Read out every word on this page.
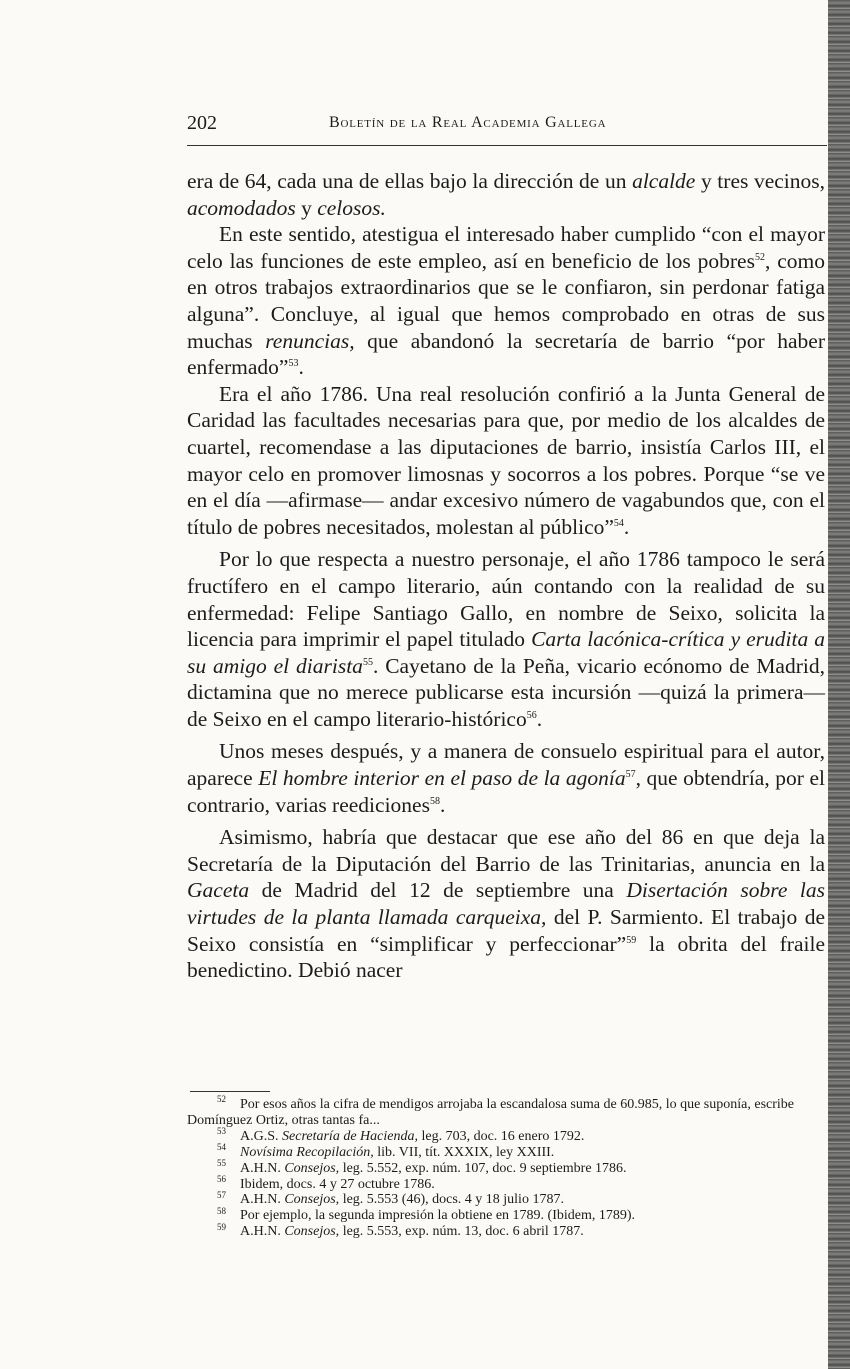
202	Boletín de la Real Academia Gallega

era de 64, cada una de ellas bajo la dirección de un alcalde y tres vecinos, acomodados y celosos.

En este sentido, atestigua el interesado haber cumplido “con el mayor celo las funciones de este empleo, así en beneficio de los pobres$^{52}$, como en otros trabajos extraordinarios que se le confiaron, sin perdonar fatiga alguna”. Concluye, al igual que hemos comprobado en otras de sus muchas renuncias, que abandonó la secretaría de barrio “por haber enfermado”$^{53}$.

Era el año 1786. Una real resolución confirió a la Junta General de Caridad las facultades necesarias para que, por medio de los alcaldes de cuartel, recomendase a las diputaciones de barrio, insistía Carlos III, el mayor celo en promover limosnas y socorros a los pobres. Porque “se ve en el día —afirmase— andar excesivo número de vagabundos que, con el título de pobres necesitados, molestan al público”$^{54}$.

Por lo que respecta a nuestro personaje, el año 1786 tampoco le será fructífero en el campo literario, aún contando con la realidad de su enfermedad: Felipe Santiago Gallo, en nombre de Seixo, solicita la licencia para imprimir el papel titulado Carta lacónica-crítica y erudita a su amigo el diarista$^{55}$. Cayetano de la Peña, vicario ecónomo de Madrid, dictamina que no merece publicarse esta incursión —quizá la primera— de Seixo en el campo literario-histórico$^{56}$.

Unos meses después, y a manera de consuelo espiritual para el autor, aparece El hombre interior en el paso de la agonía$^{57}$, que obtendría, por el contrario, varias reediciones$^{58}$.

Asimismo, habría que destacar que ese año del 86 en que deja la Secretaría de la Diputación del Barrio de las Trinitarias, anuncia en la Gaceta de Madrid del 12 de septiembre una Disertación sobre las virtudes de la planta llamada carqueixa, del P. Sarmiento. El trabajo de Seixo consistía en “simplificar y perfeccionar”$^{59}$ la obrita del fraile benedictino. Debió nacer

$^{52}$ Por esos años la cifra de mendigos arrojaba la escandalosa suma de 60.985, lo que suponía, escribe Domínguez Ortiz, otras tantas fa...

$^{53}$ A.G.S. Secretaría de Hacienda, leg. 703, doc. 16 enero 1792.

$^{54}$ Novísima Recopilación, lib. VII, tít. XXXIX, ley XXIII.

$^{55}$ A.H.N. Consejos, leg. 5.552, exp. núm. 107, doc. 9 septiembre 1786.

$^{56}$ Ibidem, docs. 4 y 27 octubre 1786.

$^{57}$ A.H.N. Consejos, leg. 5.553 (46), docs. 4 y 18 julio 1787.

$^{58}$ Por ejemplo, la segunda impresión la obtiene en 1789. (Ibidem, 1789).

$^{59}$ A.H.N. Consejos, leg. 5.553, exp. núm. 13, doc. 6 abril 1787.
